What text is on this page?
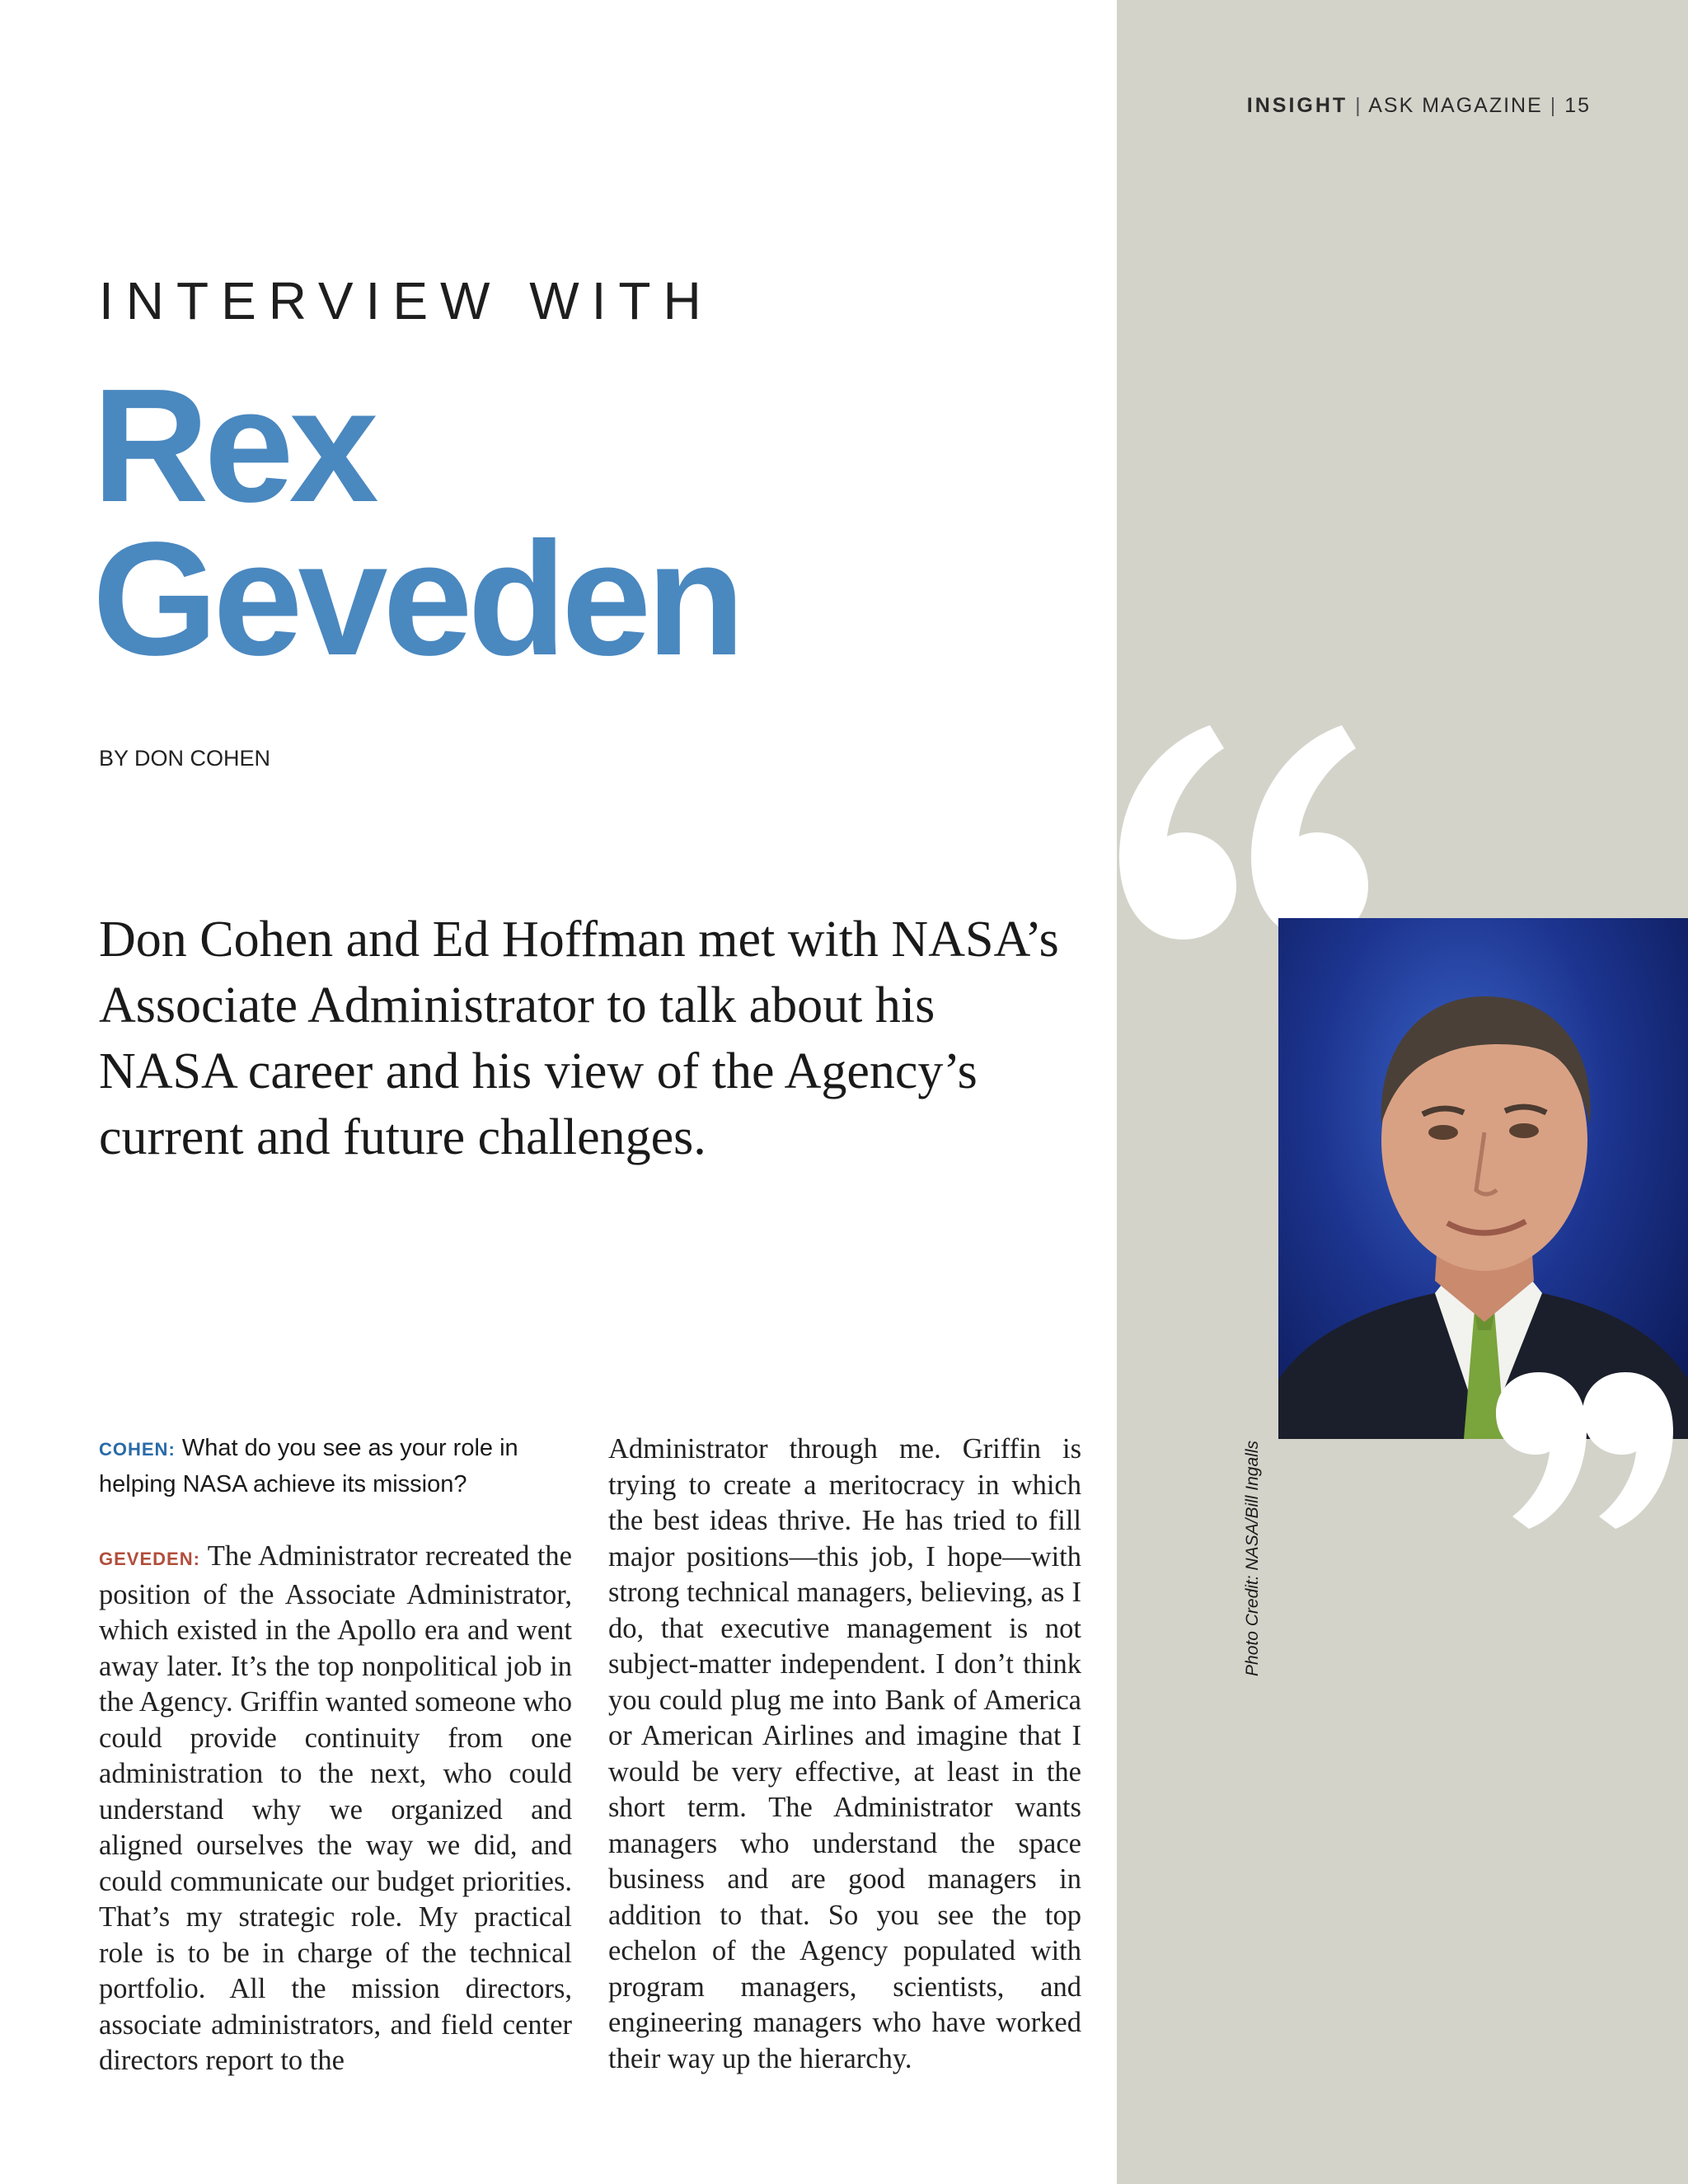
INSIGHT | ASK MAGAZINE | 15
INTERVIEW WITH
Rex
Geveden
BY DON COHEN
Don Cohen and Ed Hoffman met with NASA’s Associate Administrator to talk about his NASA career and his view of the Agency’s current and future challenges.
Photo Credit: NASA/Bill Ingalls

COHEN: What do you see as your role in helping NASA achieve its mission?

GEVEDEN: The Administrator recreated the position of the Associate Administrator, which existed in the Apollo era and went away later. It’s the top nonpolitical job in the Agency. Griffin wanted someone who could provide continuity from one administration to the next, who could understand why we organized and aligned ourselves the way we did, and could communicate our budget priorities. That’s my strategic role. My practical role is to be in charge of the technical portfolio. All the mission directors, associate administrators, and field center directors report to the

Administrator through me. Griffin is trying to create a meritocracy in which the best ideas thrive. He has tried to fill major positions—this job, I hope—with strong technical managers, believing, as I do, that executive management is not subject-matter independent. I don’t think you could plug me into Bank of America or American Airlines and imagine that I would be very effective, at least in the short term. The Administrator wants managers who understand the space business and are good managers in addition to that. So you see the top echelon of the Agency populated with program managers, scientists, and engineering managers who have worked their way up the hierarchy.
